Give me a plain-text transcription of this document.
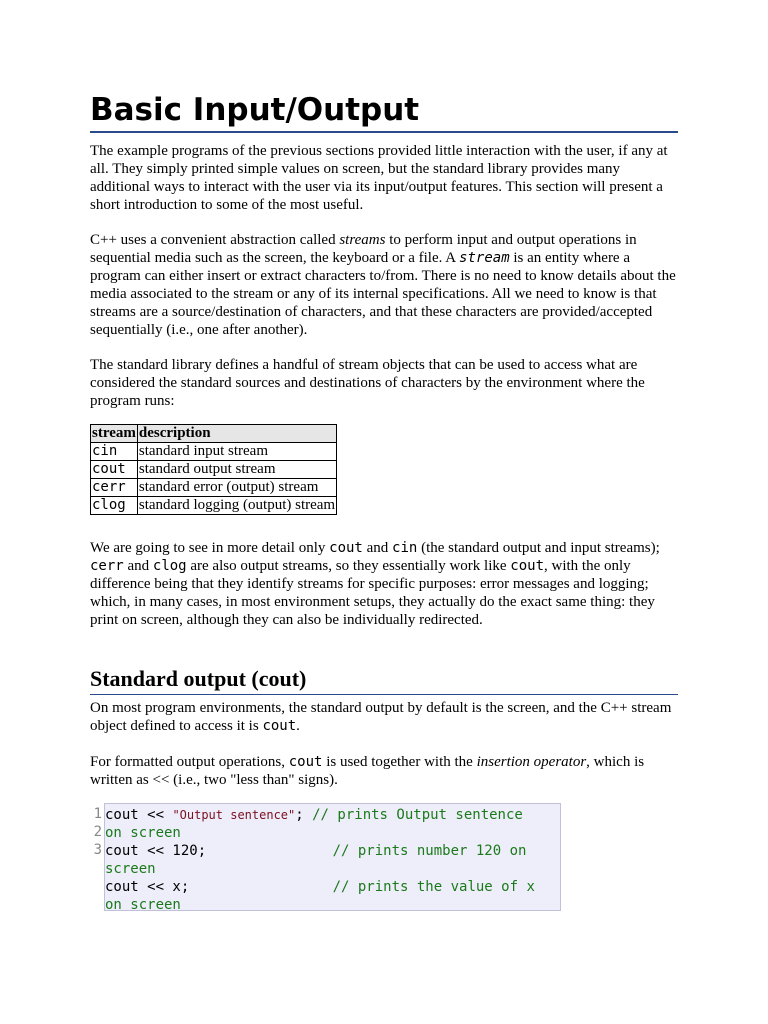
Basic Input/Output

The example programs of the previous sections provided little interaction with the user, if any at all. They simply printed simple values on screen, but the standard library provides many additional ways to interact with the user via its input/output features. This section will present a short introduction to some of the most useful.

C++ uses a convenient abstraction called streams to perform input and output operations in sequential media such as the screen, the keyboard or a file. A stream is an entity where a program can either insert or extract characters to/from. There is no need to know details about the media associated to the stream or any of its internal specifications. All we need to know is that streams are a source/destination of characters, and that these characters are provided/accepted sequentially (i.e., one after another).

The standard library defines a handful of stream objects that can be used to access what are considered the standard sources and destinations of characters by the environment where the program runs:

stream	description
cin	standard input stream
cout	standard output stream
cerr	standard error (output) stream
clog	standard logging (output) stream

We are going to see in more detail only cout and cin (the standard output and input streams); cerr and clog are also output streams, so they essentially work like cout, with the only difference being that they identify streams for specific purposes: error messages and logging; which, in many cases, in most environment setups, they actually do the exact same thing: they print on screen, although they can also be individually redirected.

Standard output (cout)

On most program environments, the standard output by default is the screen, and the C++ stream object defined to access it is cout.

For formatted output operations, cout is used together with the insertion operator, which is written as << (i.e., two "less than" signs).

1
2
3
cout << "Output sentence"; // prints Output sentence
on screen
cout << 120;               // prints number 120 on
screen
cout << x;                 // prints the value of x
on screen
